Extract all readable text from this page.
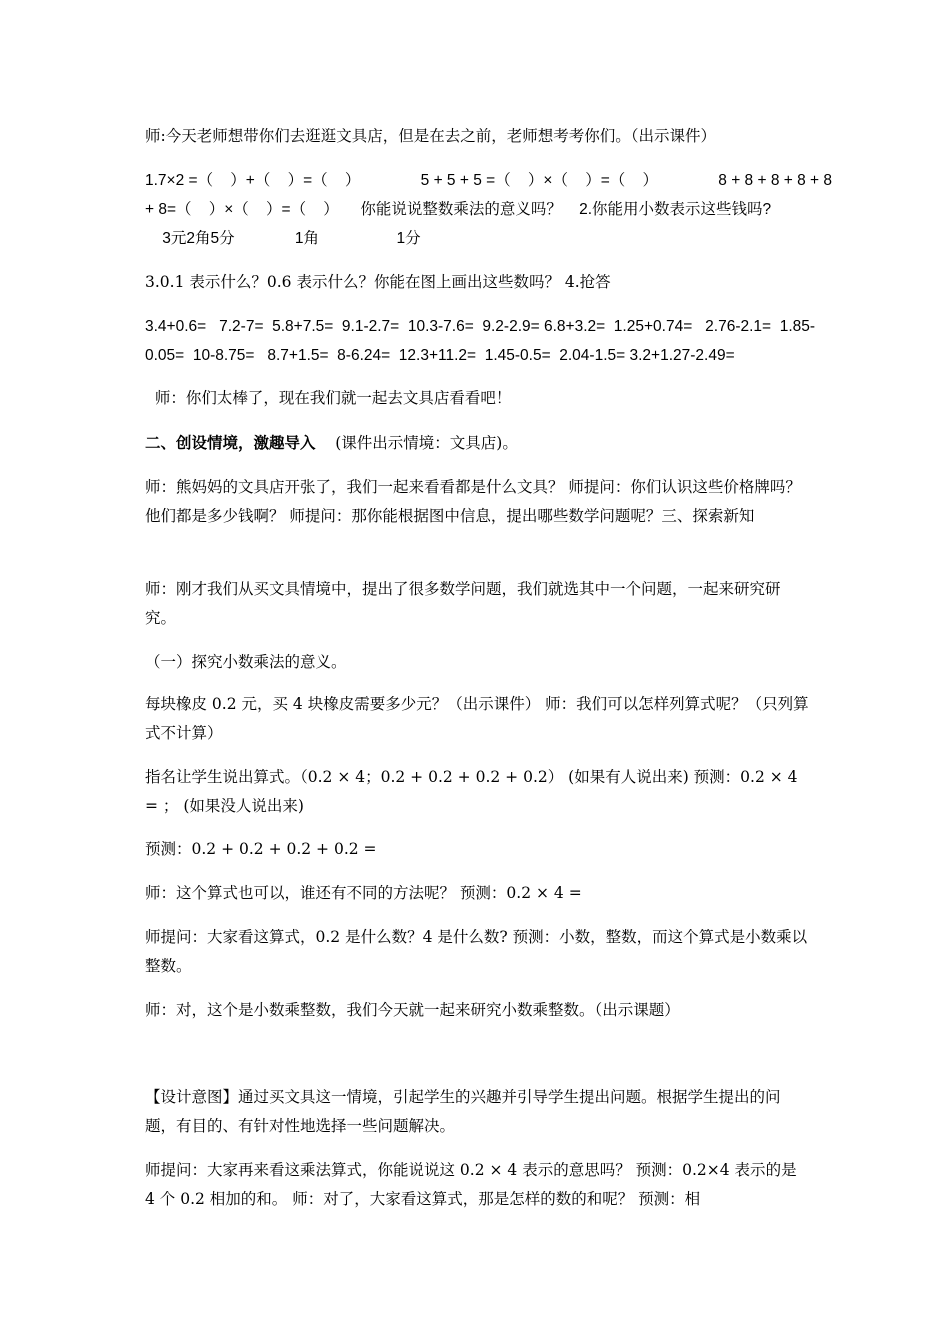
师:今天老师想带你们去逛逛文具店，但是在去之前，老师想考考你们。（出示课件）
1.7×2 =（    ）+（    ）=（    ）              5 + 5 + 5 =（    ）×（    ）=（    ）              8 + 8 + 8 + 8 + 8
+ 8=（    ）×（    ）=（    ）     你能说说整数乘法的意义吗？    2.你能用小数表示这些钱吗?
3元2角5分              1角                  1分
3.0.1 表示什么？0.6 表示什么？你能在图上画出这些数吗？ 4.抢答
3.4+0.6=   7.2-7=  5.8+7.5=  9.1-2.7=  10.3-7.6=  9.2-2.9= 6.8+3.2=  1.25+0.74=   2.76-2.1=  1.85-
0.05=  10-8.75=   8.7+1.5=  8-6.24=  12.3+11.2=  1.45-0.5=  2.04-1.5= 3.2+1.27-2.49=
师：你们太棒了，现在我们就一起去文具店看看吧！
二、创设情境，激趣导入    (课件出示情境：文具店)。
师：熊妈妈的文具店开张了，我们一起来看看都是什么文具？ 师提问：你们认识这些价格牌吗？他们都是多少钱啊？ 师提问：那你能根据图中信息，提出哪些数学问题呢？三、探索新知
师：刚才我们从买文具情境中，提出了很多数学问题，我们就选其中一个问题，一起来研究研究。
（一）探究小数乘法的意义。
每块橡皮 0.2 元，买 4 块橡皮需要多少元？（出示课件） 师：我们可以怎样列算式呢？（只列算式不计算）
指名让学生说出算式。（0.2 × 4；0.2 + 0.2 + 0.2 + 0.2） (如果有人说出来) 预测：0.2 × 4 = ； (如果没人说出来)
预测：0.2 + 0.2 + 0.2 + 0.2 =
师：这个算式也可以，谁还有不同的方法呢？ 预测：0.2 × 4 =
师提问：大家看这算式，0.2 是什么数？4 是什么数? 预测：小数，整数，而这个算式是小数乘以整数。
师：对，这个是小数乘整数，我们今天就一起来研究小数乘整数。（出示课题）
【设计意图】通过买文具这一情境，引起学生的兴趣并引导学生提出问题。根据学生提出的问题，有目的、有针对性地选择一些问题解决。
师提问：大家再来看这乘法算式，你能说说这 0.2 × 4 表示的意思吗？ 预测：0.2×4 表示的是 4 个 0.2 相加的和。 师：对了，大家看这算式，那是怎样的数的和呢？ 预测：相
